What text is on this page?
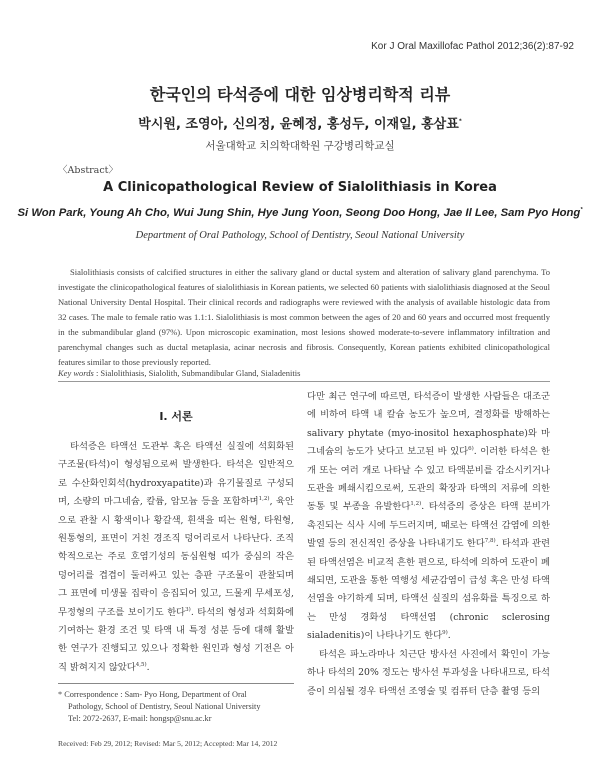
Kor J Oral Maxillofac Pathol 2012;36(2):87-92
한국인의 타석증에 대한 임상병리학적 리뷰
박시원, 조영아, 신의정, 윤혜정, 홍성두, 이재일, 홍삼표*
서울대학교 치의학대학원 구강병리학교실
〈Abstract〉
A Clinicopathological Review of Sialolithiasis in Korea
Si Won Park, Young Ah Cho, Wui Jung Shin, Hye Jung Yoon, Seong Doo Hong, Jae Il Lee, Sam Pyo Hong*
Department of Oral Pathology, School of Dentistry, Seoul National University
Sialolithiasis consists of calcified structures in either the salivary gland or ductal system and alteration of salivary gland parenchyma. To investigate the clinicopathological features of sialolithiasis in Korean patients, we selected 60 patients with sialolithiasis diagnosed at the Seoul National University Dental Hospital. Their clinical records and radiographs were reviewed with the analysis of available histologic data from 32 cases. The male to female ratio was 1.1:1. Sialolithiasis is most common between the ages of 20 and 60 years and occurred most frequently in the submandibular gland (97%). Upon microscopic examination, most lesions showed moderate-to-severe inflammatory infiltration and parenchymal changes such as ductal metaplasia, acinar necrosis and fibrosis. Consequently, Korean patients exhibited clinicopathological features similar to those previously reported.
Key words : Sialolithiasis, Sialolith, Submandibular Gland, Sialadenitis
Ⅰ. 서론
타석증은 타액선 도관부 혹은 타액선 실질에 석회화된 구조물(타석)이 형성됨으로써 발생한다. 타석은 일반적으로 수산화인회석(hydroxyapatite)과 유기물질로 구성되며, 소량의 마그네슘, 칼륨, 암모늄 등을 포함하며$^{1,2)}$, 육안으로 관찰 시 황색이나 황갈색, 흰색을 띠는 원형, 타원형, 원통형의, 표면이 거친 경조직 덩어리로서 나타난다. 조직학적으로는 주로 호염기성의 동심원형 띠가 중심의 작은 덩어리를 겹겹이 둘러싸고 있는 층판 구조물이 관찰되며 그 표면에 미생물 집락이 응집되어 있고, 드물게 무세포성, 무정형의 구조를 보이기도 한다$^{3)}$. 타석의 형성과 석회화에 기여하는 환경 조건 및 타액 내 특정 성분 등에 대해 활발한 연구가 진행되고 있으나 정확한 원인과 형성 기전은 아직 밝혀지지 않았다$^{4,5)}$.

다만 최근 연구에 따르면, 타석증이 발생한 사람들은 대조군에 비하여 타액 내 칼슘 농도가 높으며, 결정화를 방해하는 salivary phytate (myo-inositol hexaphosphate)와 마그네슘의 농도가 낮다고 보고된 바 있다$^{6)}$. 이러한 타석은 한 개 또는 여러 개로 나타날 수 있고 타액분비를 감소시키거나 도관을 폐쇄시킴으로써, 도관의 확장과 타액의 저류에 의한 동통 및 부종을 유발한다$^{1,2)}$. 타석증의 증상은 타액 분비가 촉진되는 식사 시에 두드러지며, 때로는 타액선 감염에 의한 발열 등의 전신적인 증상을 나타내기도 한다$^{7,8)}$. 타석과 관련된 타액선염은 비교적 흔한 편으로, 타석에 의하여 도관이 폐쇄되면, 도관을 통한 역행성 세균감염이 급성 혹은 만성 타액선염을 야기하게 되며, 타액선 실질의 섬유화를 특징으로 하는 만성 경화성 타액선염 (chronic sclerosing sialadenitis)이 나타나기도 한다$^{9)}$.

타석은 파노라마나 치근단 방사선 사진에서 확인이 가능하나 타석의 20% 정도는 방사선 투과성을 나타내므로, 타석증이 의심될 경우 타액선 조영술 및 컴퓨터 단층 촬영 등의

* Correspondence : Sam- Pyo Hong, Department of Oral
Pathology, School of Dentistry, Seoul National University
Tel: 2072-2637, E-mail: hongsp@snu.ac.kr
Received: Feb 29, 2012; Revised: Mar 5, 2012; Accepted: Mar 14, 2012
